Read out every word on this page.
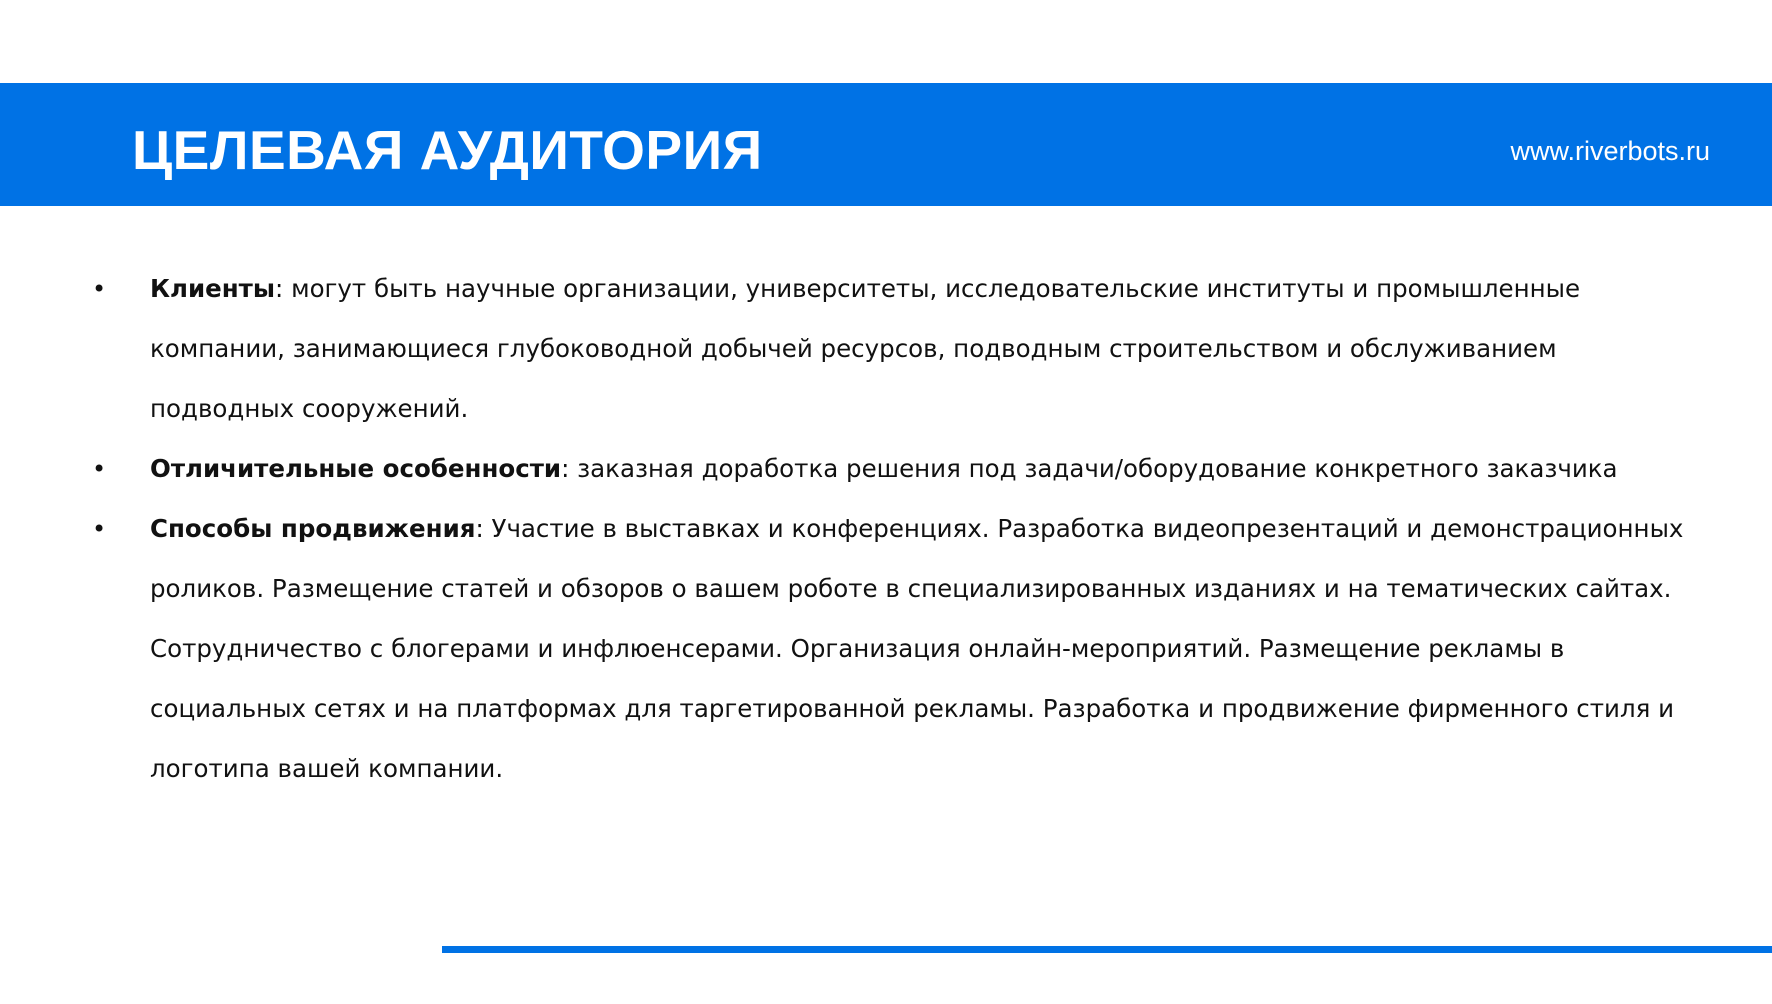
ЦЕЛЕВАЯ АУДИТОРИЯ	www.riverbots.ru
• Клиенты: могут быть научные организации, университеты, исследовательские институты и промышленные компании, занимающиеся глубоководной добычей ресурсов, подводным строительством и обслуживанием подводных сооружений.
• Отличительные особенности: заказная доработка решения под задачи/оборудование конкретного заказчика
• Способы продвижения: Участие в выставках и конференциях. Разработка видеопрезентаций и демонстрационных роликов. Размещение статей и обзоров о вашем роботе в специализированных изданиях и на тематических сайтах. Сотрудничество с блогерами и инфлюенсерами. Организация онлайн-мероприятий. Размещение рекламы в социальных сетях и на платформах для таргетированной рекламы. Разработка и продвижение фирменного стиля и логотипа вашей компании.
